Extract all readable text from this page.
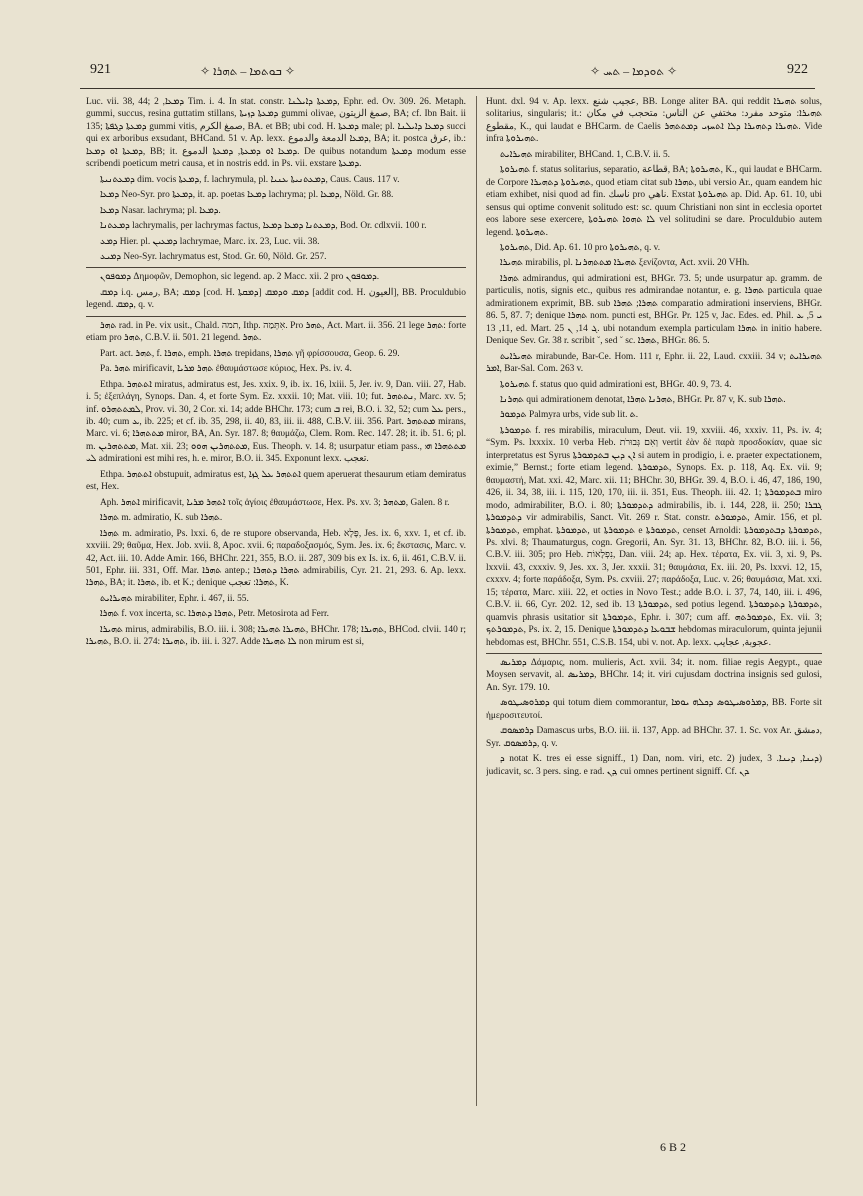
921	✧ ܒܘܬܡܐ ‒ ܬܗܪܐ ✧	✧ ܬܘܕܡܐ ‒ ܬܚ ✧	922

Luc. vii. 38, 44; ܕܡܥܐ, 2 Tim. i. 4. In stat. constr. ܕܡܥܬܐ ܕܐܝܠܢܐ, Ephr. ed. Ov. 309. 26. Metaph. gummi, succus, resina guttatim stillans, ܕܡܥܬܐ ܕܙܝܬܐ gummi olivae, صمغ الزيتون, BA; cf. Ibn Bait. ii 135; ܕܡܥܬܐ ܕܓܦܬܐ gummi vitis, صمغ الكرم, BA. et BB; ubi cod. H. ܕܡܥܬܐ male; pl. ܕܡܥܐ ܕܐܝܠܢܐ succi qui ex arboribus exsudant, BHCand. 51 v. Ap. lexx. ܕܡܥܐ الدمعة والدموع, BA; it. postca عرق, ib.: ܕܡܥܬܐ ܐܘ ܕܡܥܐ, BB; it. ܕܡܥܐ ܐܘ ܕܡܥܬܐ, ܕܡܥܬܐ الدموع. De quibus notandum ܕܡܥܬܐ modum esse scribendi poeticum metri causa, et in nostris edd. in Ps. vii. exstare ܕܡܥܬܐ.

ܕܡܥܬܢܝܬܐ dim. vocis ܕܡܥܬܐ, f. lachrymula, pl. ܕܡܥܬܢܝܬܐ ܥܢܝܐ, Caus. Caus. 117 v.

ܕܡܥܐ Neo-Syr. pro ܕܡܥܬܐ, it. ap. poetas ܕܡܥܐ lachryma; pl. ܕܡܥܐ, Nöld. Gr. 88.

ܕܡܥܐ Nasar. lachryma; pl. ܕܡܥܐ.

ܕܡܥܬܢܐ lachrymalis, per lachrymas factus, ܕܡܥܬܢܐ ܕܡܥܐ ܕܡܥܐ, Bod. Or. cdlxvii. 100 r.

ܕܡܥ Hier. pl. ܕܡܥܝܢ lachrymae, Marc. ix. 23, Luc. vii. 38.

ܕܡܝܥ Neo-Syr. lachrymatus est, Stod. Gr. 60, Nöld. Gr. 257.

ܕܡܘܦܘܢ Δημοφῶν, Demophon, sic legend. ap. 2 Macc. xii. 2 pro ܕܡܘܦܘܢ.

ܕܡܩ i.q. رمس, BA; ܕܡܩ [cod. H. ܕܡܩܬܐ] ܕܡܩ ܘܕܡܩ [addit cod. H. العيون], BB. Proculdubio legend. ܕܡܩ, q. v.

ܬܗܪ rad. in Pe. vix usit., Chald. תמה, Ithp. אִתְּמַה. Pro ܬܗܪ, Act. Mart. ii. 356. 21 lege ܬܗܪ: forte etiam pro ܬܗܪ, C.B.V. ii. 501. 21 legend. ܬܗܪ.

Part. act. ܬܗܪ, f. ܬܗܪܐ, emph. ܬܗܪܐ trepidans, ܬܗܪܐ γῆ φρίσσουσα, Geop. 6. 29.

Pa. ܬܗܪ mirificavit, ܬܗܪ ܡܪܝܐ ἐθαυμάστωσε κύριος, Hex. Ps. iv. 4.

Ethpa. ܐܬܬܗܪ miratus, admiratus est, Jes. xxix. 9, ib. ix. 16, lxiii. 5, Jer. iv. 9, Dan. viii. 27, Hab. i. 5; ἐξεπλάγη, Synops. Dan. 4, et forte Sym. Ez. xxxii. 10; Mat. viii. 10; fut. ܢܬܬܗܪ, Marc. xv. 5; inf. ܠܡܬܬܗܪܘ, Prov. vi. 30, 2 Cor. xi. 14; adde BHChr. 173; cum ܒ rei, B.O. i. 32, 52; cum ܥܠ pers., ib. 40; cum ܥ, ib. 225; et cf. ib. 35, 298, ii. 40, 83, iii. ii. 488, C.B.V. iii. 356. Part. ܡܬܬܗܪ mirans, Marc. vi. 6; ܡܬܬܗܪܐ miror, BA, An. Syr. 187. 8; θαυμάζω, Clem. Rom. Rec. 147. 28; it. ib. 51. 6; pl. m. ܡܬܬܗܪܝܢ, Mat. xii. 23; ܡܬܬܗܪܝܢ ܗܘܘ, Eus. Theoph. v. 14. 8; usurpatur etiam pass., ܡܬܬܗܪܐ ܗܝ ܠܝ admirationi est mihi res, h. e. miror, B.O. ii. 345. Exponunt lexx. تعجب.

Ethpa. ܐܬܬܗܪ obstupuit, admiratus est, ܐܬܬܗܪ ܥܠ ܓܙܐ quem aperuerat thesaurum etiam demiratus est, Hex.

Aph. ܐܬܗܪ mirificavit, ܐܬܗܪ ܡܪܝܐ τοῖς ἁγίοις ἐθαυμάστωσε, Hex. Ps. xv. 3; ܡܬܗܪ, Galen. 8 r.

ܬܗܪܐ m. admiratio, K. sub ܬܗܪܐ.

ܬܗܪܐ m. admiratio, Ps. lxxi. 6, de re stupore observanda, Heb. פֶּלֶא, Jes. ix. 6, xxv. 1, et cf. ib. xxviii. 29; θαῦμα, Hex. Job. xvii. 8, Apoc. xvii. 6; παραδοξασμός, Sym. Jes. ix. 6; ἔκστασις, Marc. v. 42, Act. iii. 10. Adde Amir. 166, BHChr. 221, 355, B.O. ii. 287, 309 bis ex Is. ix. 6, ii. 461, C.B.V. ii. 501, Ephr. iii. 331, Off. Mar. ܬܗܪܐ antep.; ܬܗܪܐ ܕܬܗܪܐ admirabilis, Cyr. 21. 21, 293. 6. Ap. lexx. ܬܗܪܐ, BA; it. ܬܗܪܐ, ib. et K.; denique ܬܗܪܐ: تعجب, K.

ܬܗܝܪܐܝܬ mirabiliter, Ephr. i. 467, ii. 55.

ܬܗܪܐ f. vox incerta, sc. ܬܗܪܐ ܕܬܗܪܐ, Petr. Metosirota ad Ferr.

ܬܗܝܪܐ mirus, admirabilis, B.O. iii. i. 308; ܬܗܝܪܐ ܬܗܝܪܐ, BHChr. 178; ܬܗܝܪܐ, BHCod. clvii. 140 r; ܬܗܝܪܐ, B.O. ii. 274: ܬܗܝܪܐ, ib. iii. i. 327. Adde ܠܐ ܬܗܝܪܐ non mirum est si,

Hunt. dxl. 94 v. Ap. lexx. عجيب شنع, BB. Longe aliter BA. qui reddit ܬܗܝܪܐ solus, solitarius, singularis; it.: ܬܗܝܪܐ: متوحد مفرد: مختفي عن الناس: متحجب في مكان مقطوع, K., qui laudat e BHCarm. de Caelis ܬܗܝܪܐ ܕܬܗܝܪܐ ܕܠܐ ܐܬܚܙܝ ܕܡܬܬܗܪ. Vide infra ܬܗܝܪܘܬܐ.

ܬܗܝܪܐܝܬ mirabiliter, BHCand. 1, C.B.V. ii. 5.

ܬܗܝܪܘܬܐ f. status solitarius, separatio, قطاعة, BA; ܬܗܝܪܘܬܐ, K., qui laudat e BHCarm. de Corpore ܬܗܝܪܘܬܐ ܕܬܗܝܪܐ, quod etiam citat sub ܬܗܪܐ, ubi versio Ar., quam eandem hic etiam exhibet, nisi quod ad fin. ناسك pro ناهي. Exstat ܬܗܝܪܘܬܐ ap. Did. Ap. 61. 10, ubi sensus qui optime convenit solitudo est: sc. quum Christiani non sint in ecclesia oportet eos labore sese exercere, ܠܐ ܬܗܘܐ ܬܗܝܪܘܬܐ vel solitudini se dare. Proculdubio autem legend. ܬܗܝܪܘܬܐ.

ܬܗܝܪܘܬܐ, Did. Ap. 61. 10 pro ܬܗܝܪܘܬܐ, q. v.

ܬܗܝܪܐ mirabilis, pl. ܬܗܝܪܐ ܡܬܬܗܪܢܐ ξενίζοντα, Act. xvii. 20 VHh.

ܬܗܪܐ admirandus, qui admirationi est, BHGr. 73. 5; unde usurpatur ap. gramm. de particulis, notis, signis etc., quibus res admirandae notantur, e. g. ܬܗܪܐ particula quae admirationem exprimit, BB. sub ܬܗܪܐ; ܬܗܪܐ comparatio admirationi inserviens, BHGr. 86. 5, 87. 7; denique ܬܗܪܐ nom. puncti est, BHGr. Pr. 125 v, Jac. Edes. ed. Phil. ܝ 5, ܥ 11, 13, ed. Mart. ܓ 14, ܢ 25. ubi notandum exempla particulam ܬܗܪܐ in initio habere. Denique Sev. Gr. 38 r. scribit ˘, sed ˘ sc. ܬܗܪܐ, BHGr. 86. 5.

ܬܗܝܪܐܝܬ mirabunde, Bar-Ce. Hom. 111 r, Ephr. ii. 22, Laud. cxxiii. 34 v; ܬܗܝܪܐܝܬ ܐܡܪ, Bar-Sal. Com. 263 v.

ܬܗܝܪܘܬܐ f. status quo quid admirationi est, BHGr. 40. 9, 73. 4.

ܬܗܪܢܐ qui admirationem denotat, ܬܗܪܢܐ ܬܗܪܐ, BHGr. Pr. 87 v, K. sub ܬܗܪܐ.

ܬܕܡܘܪ Palmyra urbs, vide sub lit. ܬ.

ܬܕܡܘܪܬܐ f. res mirabilis, miraculum, Deut. vii. 19, xxviii. 46, xxxiv. 11, Ps. iv. 4; “Sym. Ps. lxxxix. 10 verba Heb. וְאִם גְּבוּרֹת vertit ἐὰν δὲ παρὰ προσδοκίαν, quae sic interpretatus est Syrus ܐܢ ܕܝܢ ܒܬܕܡܘܪܬܐ si autem in prodigio, i. e. praeter expectationem, eximie,” Bernst.; forte etiam legend. ܬܕܡܘܪܬܐ, Synops. Ex. p. 118, Aq. Ex. vii. 9; θαυμαστή, Mat. xxi. 42, Marc. xii. 11; BHChr. 30, BHGr. 39. 4, B.O. i. 46, 47, 186, 190, 426, ii. 34, 38, iii. i. 115, 120, 170, iii. ii. 351, Eus. Theoph. iii. 42. 1; ܒܬܕܡܘܪܬܐ miro modo, admirabiliter, B.O. i. 80; ܕܬܕܡܘܪܬܐ admirabilis, ib. i. 144, 228, ii. 250; ܓܒܪܐ ܕܬܕܡܘܪܬܐ vir admirabilis, Sanct. Vit. 269 r. Stat. constr. ܬܕܡܘܪܬ, Amir. 156, et pl. ܬܕܡܘܪܬܐ, emphat. ܬܕܡܘܪܬܐ, ut ܬܕܡܘܪܬܐ e ܬܕܡܘܪܬܐ, censet Arnoldi: ܬܕܡܘܪܬܐ ܕܒܬܕܡܘܪܬܐ, Ps. xlvi. 8; Thaumaturgus, cogn. Gregorii, An. Syr. 31. 13, BHChr. 82, B.O. iii. i. 56, C.B.V. iii. 305; pro Heb. נִפְלָאוֹת, Dan. viii. 24; ap. Hex. τέρατα, Ex. vii. 3, xi. 9, Ps. lxxvii. 43, cxxxiv. 9, Jes. xx. 3, Jer. xxxii. 31; θαυμάσια, Ex. iii. 20, Ps. lxxvi. 12, 15, cxxxv. 4; forte παράδοξα, Sym. Ps. cxviii. 27; παράδοξα, Luc. v. 26; θαυμάσια, Mat. xxi. 15; τέρατα, Marc. xiii. 22, et octies in Novo Test.; adde B.O. i. 37, 74, 140, iii. i. 496, C.B.V. ii. 66, Cyr. 202. 12, sed ib. 13 ܬܕܡܘܪܬܐ, sed potius legend. ܬܕܡܘܪܬܐ ܕܬܕܡܘܪܬܐ, quamvis phrasis usitatior sit ܬܕܡܘܪܬܐ, Ephr. i. 307; cum aff. ܬܕܡܘܪܬܗ, Ex. vii. 3; ܬܕܡܘܪܬܟ, Ps. ix. 2, 15. Denique ܫܒܘܥܐ ܕܬܕܡܘܪܬܐ hebdomas miraculorum, quinta jejunii hebdomas est, BHChr. 551, C.S.B. 154, ubi v. not. Ap. lexx. عجوبة, عجايب.

ܕܡܪܝܣ Δάμαρις, nom. mulieris, Act. xvii. 34; it. nom. filiae regis Aegypt., quae Moysen servavit, al. ܕܡܪܝܣ, BHChr. 14; it. viri cujusdam doctrina insignis sed gulosi, An. Syr. 179. 10.

ܕܡܪܘܣܝܛܘܣ qui totum diem commorantur, ܕܡܪܘܣܝܛܘܣ ܕܟܠܗ ܝܘܡܐ, BB. Forte sit ἡμεροσιτευτοί.

ܕܪܡܣܘܩ Damascus urbs, B.O. iii. ii. 137, App. ad BHChr. 37. 1. Sc. vox Ar. دمشق, Syr. ܕܪܡܣܘܩ, q. v.

ܕ notat K. tres ei esse signiff., 1) Dan, nom. viri, etc. 2) judex, ܕܝܢܐ, ܕܝܢܐ. 3) judicavit, sc. 3 pers. sing. e rad. ܕܢ, cui omnes pertinent signiff. Cf. ܕܢ.

6 B 2
